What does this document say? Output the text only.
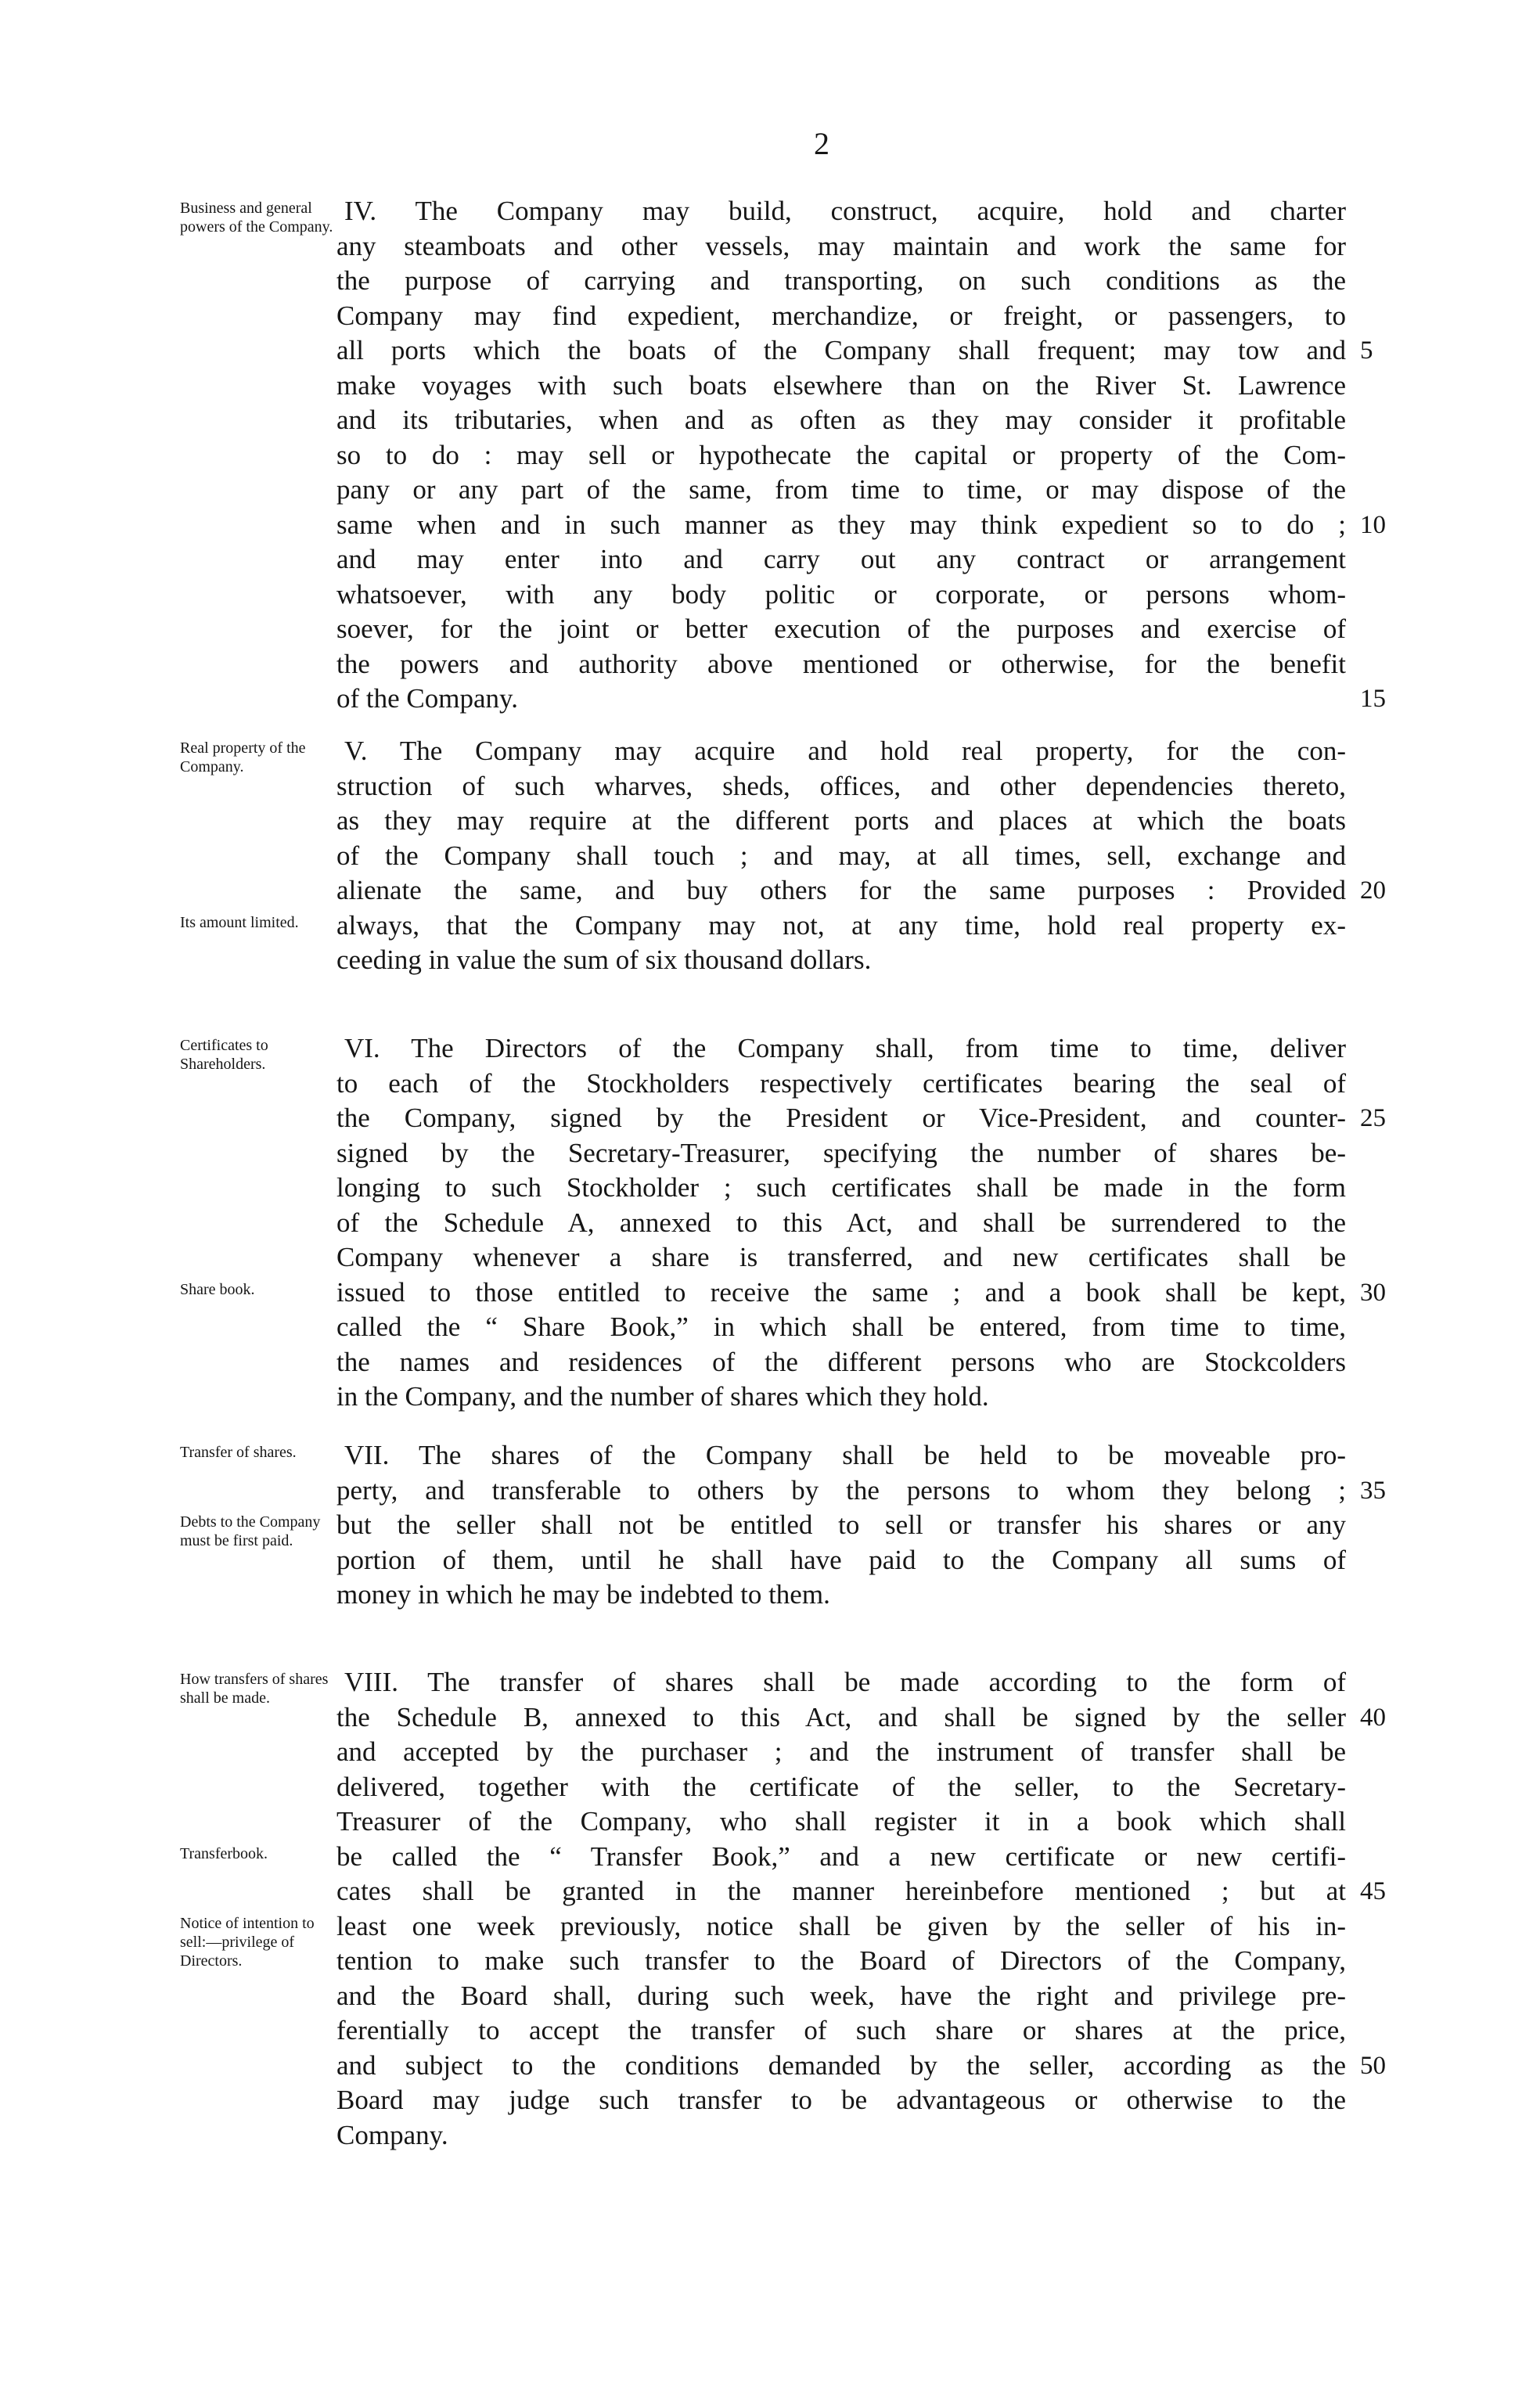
2
IV. The Company may build, construct, acquire, hold and charter
any steamboats and other vessels, may maintain and work the same for
the purpose of carrying and transporting, on such conditions as the
Company may find expedient, merchandize, or freight, or passengers, to
all ports which the boats of the Company shall frequent; may tow and
make voyages with such boats elsewhere than on the River St. Lawrence
and its tributaries, when and as often as they may consider it profitable
so to do : may sell or hypothecate the capital or property of the Com-
pany or any part of the same, from time to time, or may dispose of the
same when and in such manner as they may think expedient so to do ;
and may enter into and carry out any contract or arrangement
whatsoever, with any body politic or corporate, or persons whom-
soever, for the joint or better execution of the purposes and exercise of
the powers and authority above mentioned or otherwise, for the benefit
of the Company.
Business and general powers of the Company.
5
10
15
V. The Company may acquire and hold real property, for the con-
struction of such wharves, sheds, offices, and other dependencies thereto,
as they may require at the different ports and places at which the boats
of the Company shall touch ; and may, at all times, sell, exchange and
alienate the same, and buy others for the same purposes : Provided
always, that the Company may not, at any time, hold real property ex-
ceeding in value the sum of six thousand dollars.
Real property of the Company.
Its amount limited.
20
VI. The Directors of the Company shall, from time to time, deliver
to each of the Stockholders respectively certificates bearing the seal of
the Company, signed by the President or Vice-President, and counter-
signed by the Secretary-Treasurer, specifying the number of shares be-
longing to such Stockholder ; such certificates shall be made in the form
of the Schedule A, annexed to this Act, and shall be surrendered to the
Company whenever a share is transferred, and new certificates shall be
issued to those entitled to receive the same ; and a book shall be kept,
called the “ Share Book,” in which shall be entered, from time to time,
the names and residences of the different persons who are Stockcolders
in the Company, and the number of shares which they hold.
Certificates to Shareholders.
Share book.
25
30
VII. The shares of the Company shall be held to be moveable pro-
perty, and transferable to others by the persons to whom they belong ;
but the seller shall not be entitled to sell or transfer his shares or any
portion of them, until he shall have paid to the Company all sums of
money in which he may be indebted to them.
Transfer of shares.
Debts to the Company must be first paid.
35
VIII. The transfer of shares shall be made according to the form of
the Schedule B, annexed to this Act, and shall be signed by the seller
and accepted by the purchaser ; and the instrument of transfer shall be
delivered, together with the certificate of the seller, to the Secretary-
Treasurer of the Company, who shall register it in a book which shall
be called the “ Transfer Book,” and a new certificate or new certifi-
cates shall be granted in the manner hereinbefore mentioned ; but at
least one week previously, notice shall be given by the seller of his in-
tention to make such transfer to the Board of Directors of the Company,
and the Board shall, during such week, have the right and privilege pre-
ferentially to accept the transfer of such share or shares at the price,
and subject to the conditions demanded by the seller, according as the
Board may judge such transfer to be advantageous or otherwise to the
Company.
How transfers of shares shall be made.
Transferbook.
Notice of intention to sell:—privilege of Directors.
40
45
50
